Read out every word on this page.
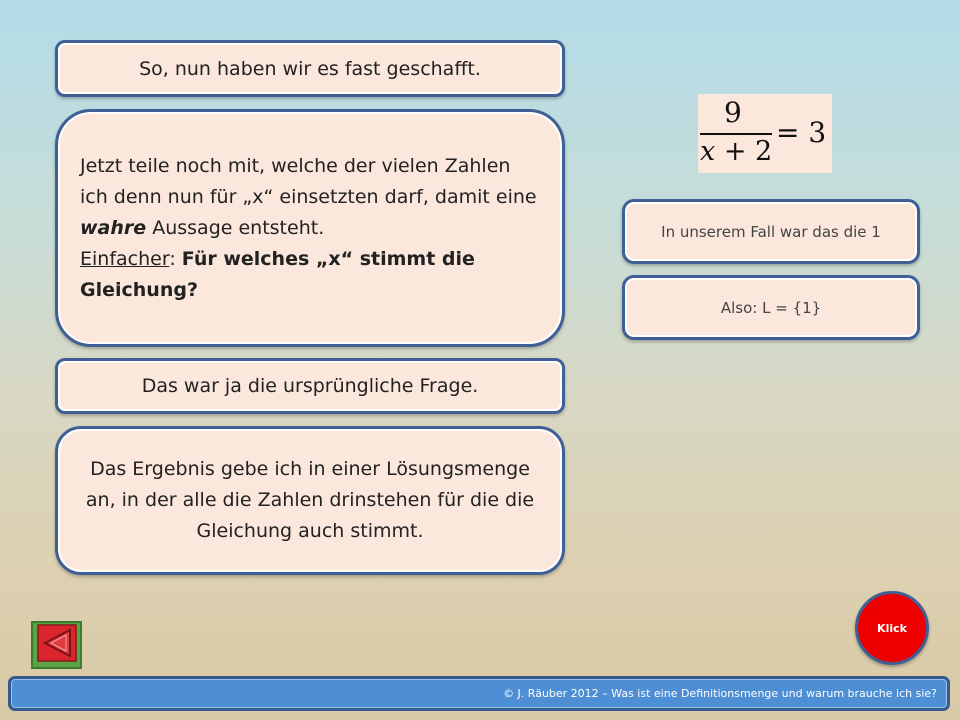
So, nun haben wir es fast geschafft.
Jetzt teile noch mit, welche der vielen Zahlen ich denn nun für „x“ einsetzten darf, damit eine wahre Aussage entsteht.
Einfacher: Für welches „x“ stimmt die Gleichung?
Das war ja die ursprüngliche Frage.
Das Ergebnis gebe ich in einer Lösungsmenge an, in der alle die Zahlen drinstehen für die die Gleichung auch stimmt.
9
x + 2
= 3
In unserem Fall war das die 1
Also: L = {1}
Klick
© J. Räuber 2012 – Was ist eine Definitionsmenge und warum brauche ich sie?
